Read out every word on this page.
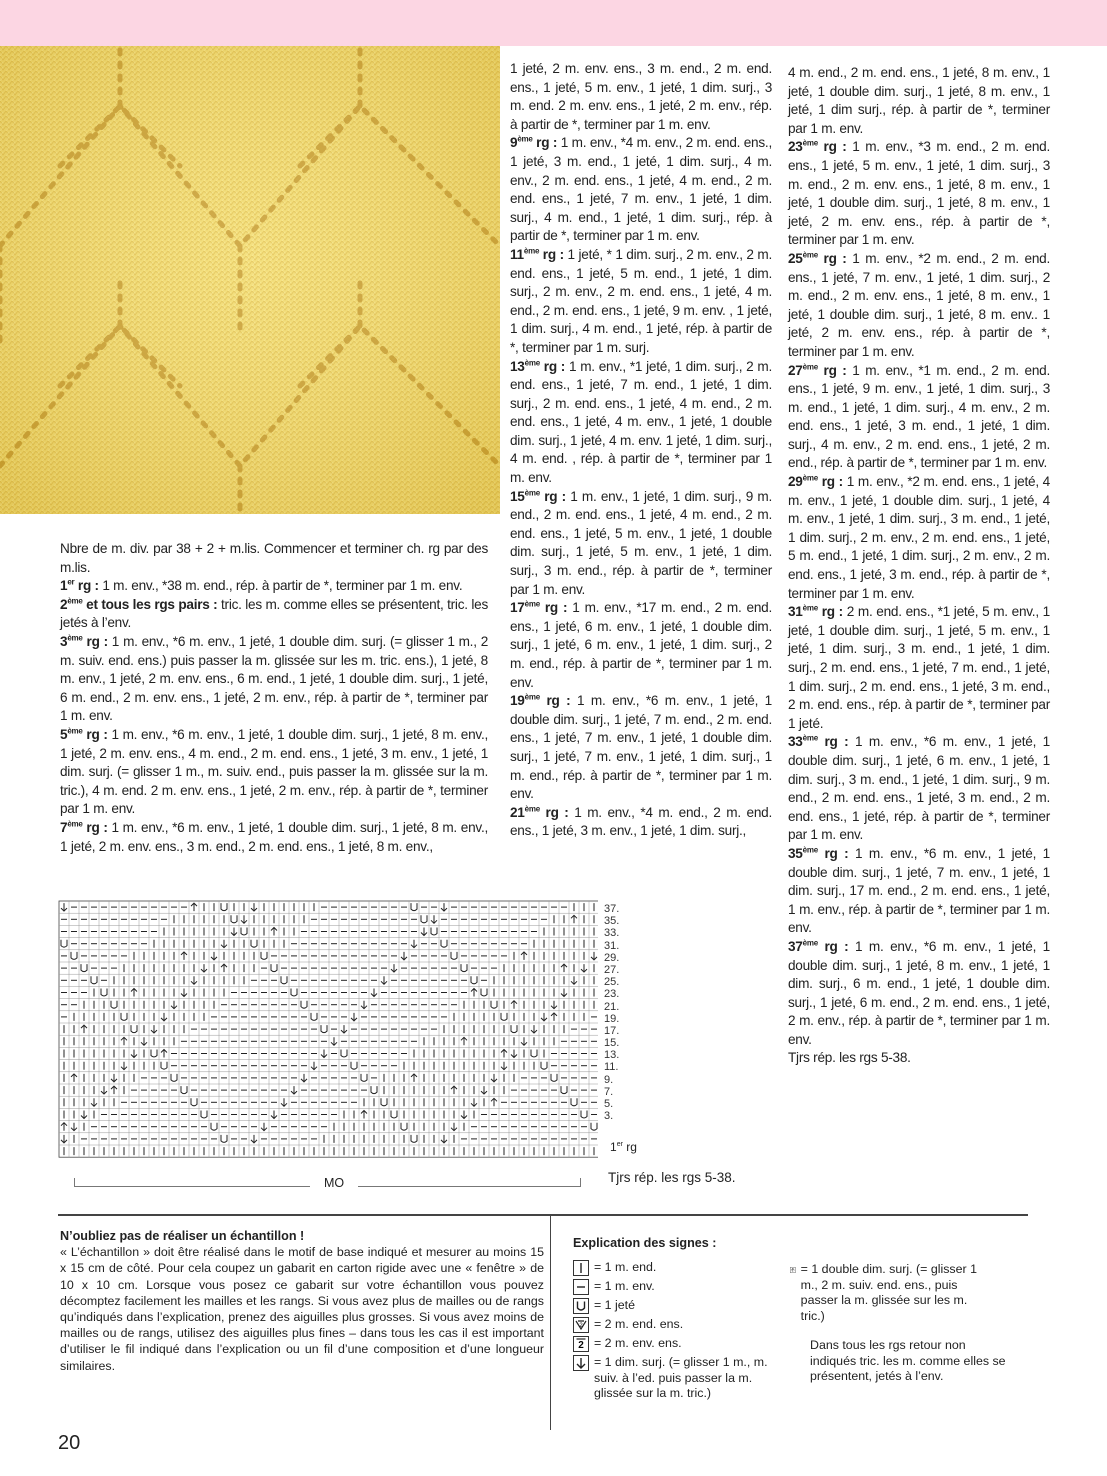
Nbre de m. div. par 38 + 2 + m.lis. Commencer et terminer ch. rg par des m.lis.

1er rg : 1 m. env., *38 m. end., rép. à partir de *, terminer par 1 m. env.

2ème et tous les rgs pairs : tric. les m. comme elles se présentent, tric. les jetés à l’env.

3ème rg : 1 m. env., *6 m. env., 1 jeté, 1 double dim. surj. (= glisser 1 m., 2 m. suiv. end. ens.) puis passer la m. glissée sur les m. tric. ens.), 1 jeté, 8 m. env., 1 jeté, 2 m. env. ens., 6 m. end., 1 jeté, 1 double dim. surj., 1 jeté, 6 m. end., 2 m. env. ens., 1 jeté, 2 m. env., rép. à partir de *, terminer par 1 m. env.

5ème rg : 1 m. env., *6 m. env., 1 jeté, 1 double dim. surj., 1 jeté, 8 m. env., 1 jeté, 2 m. env. ens., 4 m. end., 2 m. end. ens., 1 jeté, 3 m. env., 1 jeté, 1 dim. surj. (= glisser 1 m., m. suiv. end., puis passer la m. glissée sur la m. tric.), 4 m. end. 2 m. env. ens., 1 jeté, 2 m. env., rép. à partir de *, terminer par 1 m. env.

7ème rg : 1 m. env., *6 m. env., 1 jeté, 1 double dim. surj., 1 jeté, 8 m. env., 1 jeté, 2 m. env. ens., 3 m. end., 2 m. end. ens., 1 jeté, 8 m. env.,

1 jeté, 2 m. env. ens., 3 m. end., 2 m. end. ens., 1 jeté, 5 m. env., 1 jeté, 1 dim. surj., 3 m. end. 2 m. env. ens., 1 jeté, 2 m. env., rép. à partir de *, terminer par 1 m. env.

9ème rg : 1 m. env., *4 m. env., 2 m. end. ens., 1 jeté, 3 m. end., 1 jeté, 1 dim. surj., 4 m. env., 2 m. end. ens., 1 jeté, 4 m. end., 2 m. end. ens., 1 jeté, 7 m. env., 1 jeté, 1 dim. surj., 4 m. end., 1 jeté, 1 dim. surj., rép. à partir de *, terminer par 1 m. env.

11ème rg : 1 jeté, * 1 dim. surj., 2 m. env., 2 m. end. ens., 1 jeté, 5 m. end., 1 jeté, 1 dim. surj., 2 m. env., 2 m. end. ens., 1 jeté, 4 m. end., 2 m. end. ens., 1 jeté, 9 m. env. , 1 jeté, 1 dim. surj., 4 m. end., 1 jeté, rép. à partir de *, terminer par 1 m. surj.

13ème rg : 1 m. env., *1 jeté, 1 dim. surj., 2 m. end. ens., 1 jeté, 7 m. end., 1 jeté, 1 dim. surj., 2 m. end. ens., 1 jeté, 4 m. end., 2 m. end. ens., 1 jeté, 4 m. env., 1 jeté, 1 double dim. surj., 1 jeté, 4 m. env. 1 jeté, 1 dim. surj., 4 m. end. , rép. à partir de *, terminer par 1 m. env.

15ème rg : 1 m. env., 1 jeté, 1 dim. surj., 9 m. end., 2 m. end. ens., 1 jeté, 4 m. end., 2 m. end. ens., 1 jeté, 5 m. env., 1 jeté, 1 double dim. surj., 1 jeté, 5 m. env., 1 jeté, 1 dim. surj., 3 m. end., rép. à partir de *, terminer par 1 m. env.

17ème rg : 1 m. env., *17 m. end., 2 m. end. ens., 1 jeté, 6 m. env., 1 jeté, 1 double dim. surj., 1 jeté, 6 m. env., 1 jeté, 1 dim. surj., 2 m. end., rép. à partir de *, terminer par 1 m. env.

19ème rg : 1 m. env., *6 m. env., 1 jeté, 1 double dim. surj., 1 jeté, 7 m. end., 2 m. end. ens., 1 jeté, 7 m. env., 1 jeté, 1 double dim. surj., 1 jeté, 7 m. env., 1 jeté, 1 dim. surj., 1 m. end., rép. à partir de *, terminer par 1 m. env.

21ème rg : 1 m. env., *4 m. end., 2 m. end. ens., 1 jeté, 3 m. env., 1 jeté, 1 dim. surj.,

4 m. end., 2 m. end. ens., 1 jeté, 8 m. env., 1 jeté, 1 double dim. surj., 1 jeté, 8 m. env., 1 jeté, 1 dim surj., rép. à partir de *, terminer par 1 m. env.

23ème rg : 1 m. env., *3 m. end., 2 m. end. ens., 1 jeté, 5 m. env., 1 jeté, 1 dim. surj., 3 m. end., 2 m. env. ens., 1 jeté, 8 m. env., 1 jeté, 1 double dim. surj., 1 jeté, 8 m. env., 1 jeté, 2 m. env. ens., rép. à partir de *, terminer par 1 m. env.

25ème rg : 1 m. env., *2 m. end., 2 m. end. ens., 1 jeté, 7 m. env., 1 jeté, 1 dim. surj., 2 m. end., 2 m. env. ens., 1 jeté, 8 m. env., 1 jeté, 1 double dim. surj., 1 jeté, 8 m. env.. 1 jeté, 2 m. env. ens., rép. à partir de *, terminer par 1 m. env.

27ème rg : 1 m. env., *1 m. end., 2 m. end. ens., 1 jeté, 9 m. env., 1 jeté, 1 dim. surj., 3 m. end., 1 jeté, 1 dim. surj., 4 m. env., 2 m. end. ens., 1 jeté, 3 m. end., 1 jeté, 1 dim. surj., 4 m. env., 2 m. end. ens., 1 jeté, 2 m. end., rép. à partir de *, terminer par 1 m. env.

29ème rg : 1 m. env., *2 m. end. ens., 1 jeté, 4 m. env., 1 jeté, 1 double dim. surj., 1 jeté, 4 m. env., 1 jeté, 1 dim. surj., 3 m. end., 1 jeté, 1 dim. surj., 2 m. env., 2 m. end. ens., 1 jeté, 5 m. end., 1 jeté, 1 dim. surj., 2 m. env., 2 m. end. ens., 1 jeté, 3 m. end., rép. à partir de *, terminer par 1 m. env.

31ème rg : 2 m. end. ens., *1 jeté, 5 m. env., 1 jeté, 1 double dim. surj., 1 jeté, 5 m. env., 1 jeté, 1 dim. surj., 3 m. end., 1 jeté, 1 dim. surj., 2 m. end. ens., 1 jeté, 7 m. end., 1 jeté, 1 dim. surj., 2 m. end. ens., 1 jeté, 3 m. end., 2 m. end. ens., rép. à partir de *, terminer par 1 jeté.

33ème rg : 1 m. env., *6 m. env., 1 jeté, 1 double dim. surj., 1 jeté, 6 m. env., 1 jeté, 1 dim. surj., 3 m. end., 1 jeté, 1 dim. surj., 9 m. end., 2 m. end. ens., 1 jeté, 3 m. end., 2 m. end. ens., 1 jeté, rép. à partir de *, terminer par 1 m. env.

35ème rg : 1 m. env., *6 m. env., 1 jeté, 1 double dim. surj., 1 jeté, 7 m. env., 1 jeté, 1 dim. surj., 17 m. end., 2 m. end. ens., 1 jeté, 1 m. env., rép. à partir de *, terminer par 1 m. env.

37ème rg : 1 m. env., *6 m. env., 1 jeté, 1 double dim. surj., 1 jeté, 8 m. env., 1 jeté, 1 dim. surj., 6 m. end., 1 jeté, 1 double dim. surj., 1 jeté, 6 m. end., 2 m. end. ens., 1 jeté, 2 m. env., rép. à partir de *, terminer par 1 m. env.

Tjrs rép. les rgs 5-38.

37.
35.
33.
31.
29.
27.
25.
23.
21.
19.
17.
15.
13.
11.
9.
7.
5.
3.
1er rg
Tjrs rép. les rgs 5-38.
MO
N’oubliez pas de réaliser un échantillon !
« L’échantillon » doit être réalisé dans le motif de base indiqué et mesurer au moins 15 x 15 cm de côté. Pour cela coupez un gabarit en carton rigide avec une « fenêtre » de 10 x 10 cm. Lorsque vous posez ce gabarit sur votre échantillon vous pouvez décomptez facilement les mailles et les rangs. Si vous avez plus de mailles ou de rangs qu’indiqués dans l’explication, prenez des aiguilles plus grosses. Si vous avez moins de mailles ou de rangs, utilisez des aiguilles plus fines – dans tous les cas il est important d’utiliser le fil indiqué dans l’explication ou un fil d’une composition et d’une longueur similaires.
Explication des signes :
= 1 m. end.
= 1 m. env.
= 1 jeté
2 = 2 m. end. ens.
2 = 2 m. env. ens.
= 1 dim. surj. (= glisser 1 m., m. suiv. à l’ed. puis passer la m. glissée sur la m. tric.)
= 1 double dim. surj. (= glisser 1 m., 2 m. suiv. end. ens., puis passer la m. glissée sur les m. tric.)
Dans tous les rgs retour non indiqués tric. les m. comme elles se présentent, jetés à l’env.
20
